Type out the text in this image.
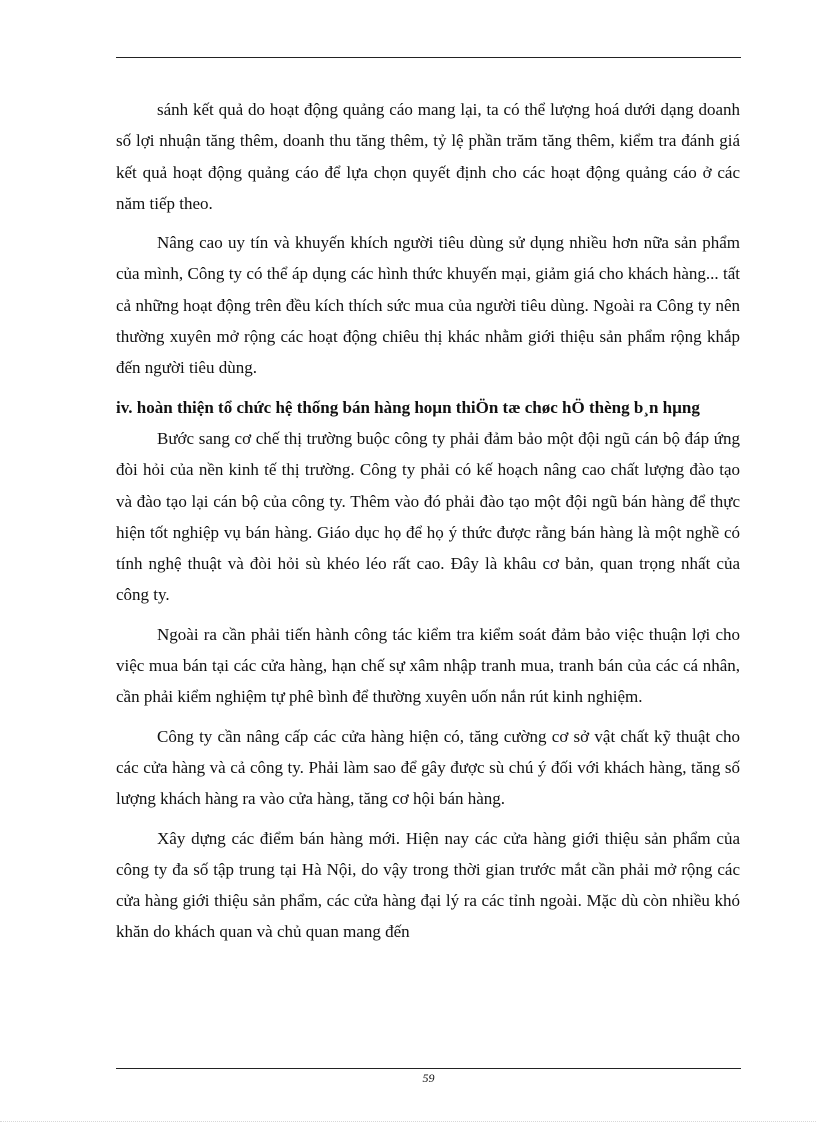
sánh kết quả do hoạt động quảng cáo mang lại, ta có thể lượng hoá dưới dạng doanh số lợi nhuận tăng thêm, doanh thu tăng thêm, tỷ lệ phần trăm tăng thêm, kiểm tra đánh giá kết quả hoạt động quảng cáo để lựa chọn quyết định cho các hoạt động quảng cáo ở các năm tiếp theo.

Nâng cao uy tín và khuyến khích người tiêu dùng sử dụng nhiều hơn nữa sản phẩm của mình, Công ty có thể áp dụng các hình thức khuyến mại, giảm giá cho khách hàng... tất cả những hoạt động trên đều kích thích sức mua của người tiêu dùng. Ngoài ra Công ty nên thường xuyên mở rộng các hoạt động chiêu thị khác nhằm giới thiệu sản phẩm rộng khắp đến người tiêu dùng.

iv. hoàn thiện tổ chức hệ thống bán hàng hoµn thiÖn tæ chøc hÖ thèng b¸n hµng

Bước sang cơ chế thị trường buộc công ty phải đảm bảo một đội ngũ cán bộ đáp ứng đòi hỏi của nền kinh tế thị trường. Công ty phải có kế hoạch nâng cao chất lượng đào tạo và đào tạo lại cán bộ của công ty. Thêm vào đó phải đào tạo một đội ngũ bán hàng để thực hiện tốt nghiệp vụ bán hàng. Giáo dục họ để họ ý thức được rằng bán hàng là một nghề có tính nghệ thuật và đòi hỏi sù khéo léo rất cao. Đây là khâu cơ bản, quan trọng nhất của công ty.

Ngoài ra cần phải tiến hành công tác kiểm tra kiểm soát đảm bảo việc thuận lợi cho việc mua bán tại các cửa hàng, hạn chế sự xâm nhập tranh mua, tranh bán của các cá nhân, cần phải kiểm nghiệm tự phê bình để thường xuyên uốn nắn rút kinh nghiệm.

Công ty cần nâng cấp các cửa hàng hiện có, tăng cường cơ sở vật chất kỹ thuật cho các cửa hàng và cả công ty. Phải làm sao để gây được sù chú ý đối với khách hàng, tăng số lượng khách hàng ra vào cửa hàng, tăng cơ hội bán hàng.

Xây dựng các điểm bán hàng mới. Hiện nay các cửa hàng giới thiệu sản phẩm của công ty đa số tập trung tại Hà Nội, do vậy trong thời gian trước mắt cần phải mở rộng các cửa hàng giới thiệu sản phẩm, các cửa hàng đại lý ra các tỉnh ngoài. Mặc dù còn nhiều khó khăn do khách quan và chủ quan mang đến

59
